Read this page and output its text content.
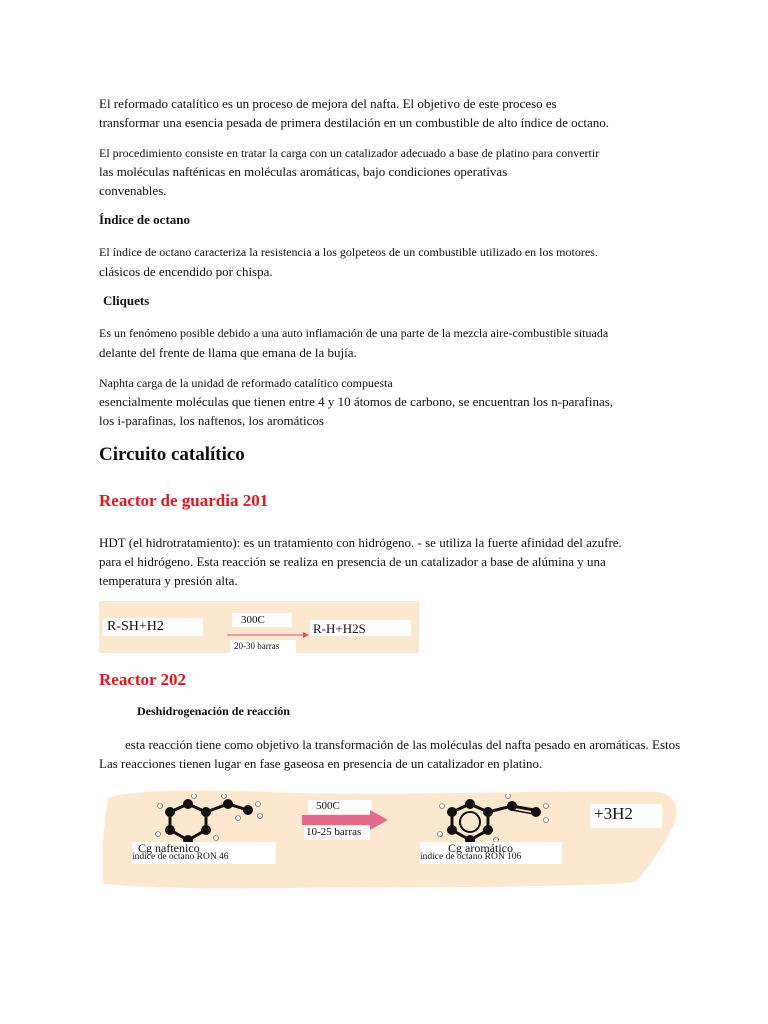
El reformado catalítico es un proceso de mejora del nafta. El objetivo de este proceso es
transformar una esencia pesada de primera destilación en un combustible de alto índice de octano.
El procedimiento consiste en tratar la carga con un catalizador adecuado a base de platino para convertir
las moléculas nafténicas en moléculas aromáticas, bajo condiciones operativas
convenables.
Índice de octano
El índice de octano caracteriza la resistencia a los golpeteos de un combustible utilizado en los motores.
clásicos de encendido por chispa.
Cliquets
Es un fenómeno posible debido a una auto inflamación de una parte de la mezcla aire-combustible situada
delante del frente de llama que emana de la bujía.
Naphta carga de la unidad de reformado catalítico compuesta
esencialmente moléculas que tienen entre 4 y 10 átomos de carbono, se encuentran los n-parafinas,
los i-parafinas, los naftenos, los aromáticos
Circuito catalítico
Reactor de guardia 201
HDT (el hidrotratamiento): es un tratamiento con hidrógeno. - se utiliza la fuerte afinidad del azufre.
para el hidrógeno. Esta reacción se realiza en presencia de un catalizador a base de alúmina y una
temperatura y presión alta.
R-SH+H2	300C
20-30 barras
R-H+H2S
Reactor 202
Deshidrogenación de reacción
esta reacción tiene como objetivo la transformación de las moléculas del nafta pesado en aromáticas. Estos
Las reacciones tienen lugar en fase gaseosa en presencia de un catalizador en platino.
500C
10-25 barras
+3H2
Cg naftenico
indice de octano RON 46
Cg aromático
indice de octano RON 106
